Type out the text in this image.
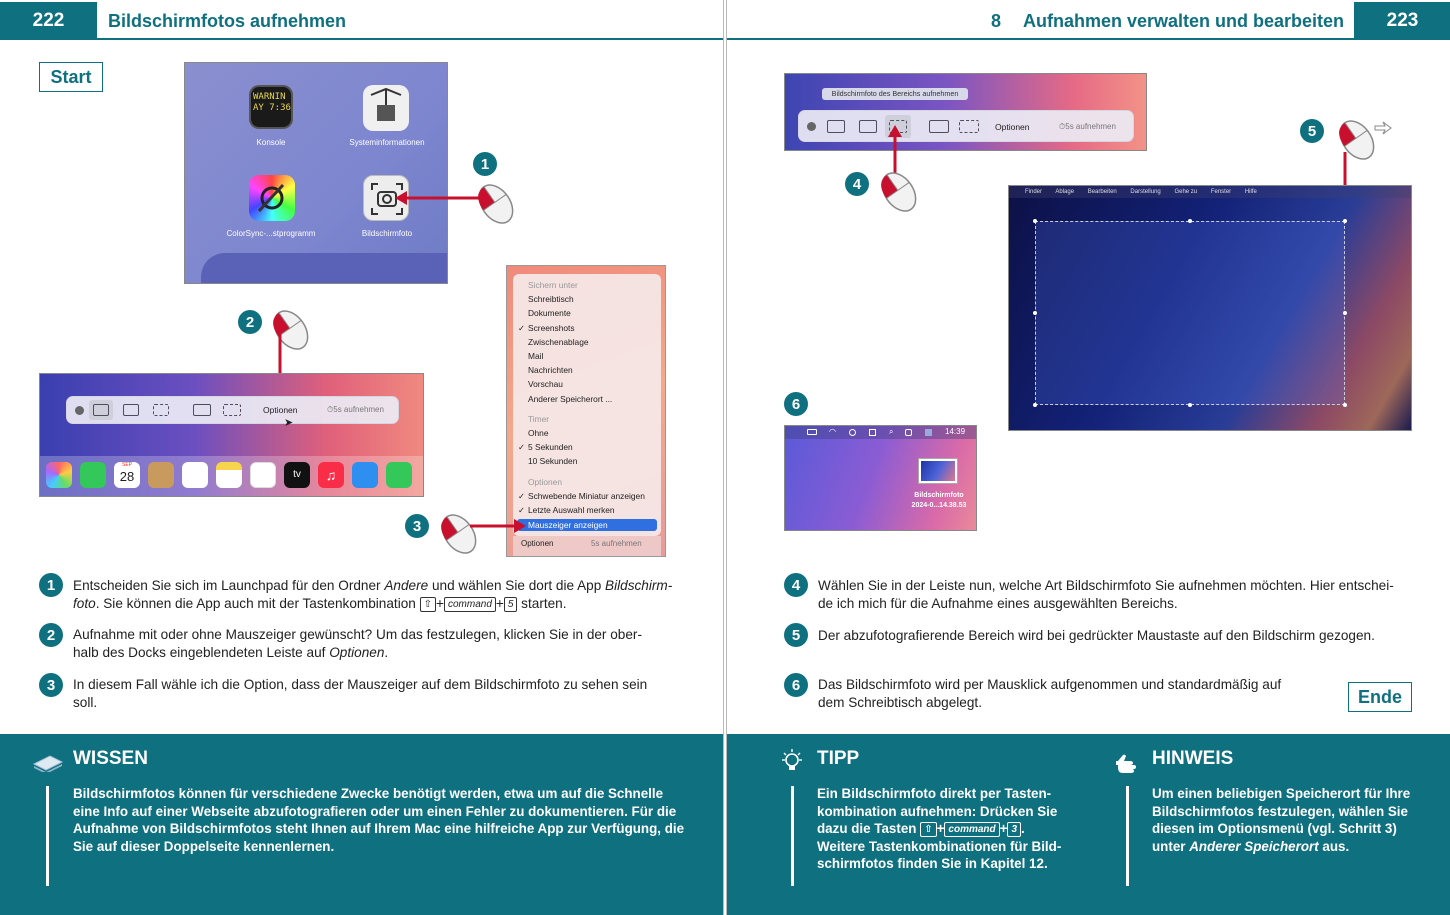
222	Bildschirmfotos aufnehmen
Start
WARNIN
AY 7:36
Konsole	Systeminformationen
ColorSync-...stprogramm	Bildschirmfoto
1
2
Optionen	⏱5s aufnehmen
➤
SEP
28	tv	♫
Optionen	5s aufnehmen
Sichern unter
Schreibtisch
Dokumente
✓ Screenshots
Zwischenablage
Mail
Nachrichten
Vorschau
Anderer Speicherort ...
Timer
Ohne
✓ 5 Sekunden
10 Sekunden
Optionen
✓ Schwebende Miniatur anzeigen
✓ Letzte Auswahl merken
Mauszeiger anzeigen
3
1	Entscheiden Sie sich im Launchpad für den Ordner Andere und wählen Sie dort die App Bildschirm-
foto. Sie können die App auch mit der Tastenkombination ⇧ + command + 5 starten.
2	Aufnahme mit oder ohne Mauszeiger gewünscht? Um das festzulegen, klicken Sie in der ober-
halb des Docks eingeblendeten Leiste auf Optionen.
3	In diesem Fall wähle ich die Option, dass der Mauszeiger auf dem Bildschirmfoto zu sehen sein
soll.
WISSEN
Bildschirmfotos können für verschiedene Zwecke benötigt werden, etwa um auf die Schnelle
eine Info auf einer Webseite abzufotografieren oder um einen Fehler zu dokumentieren. Für die
Aufnahme von Bildschirmfotos steht Ihnen auf Ihrem Mac eine hilfreiche App zur Verfügung, die
Sie auf dieser Doppelseite kennenlernen.
8 Aufnahmen verwalten und bearbeiten	223
Bildschirmfoto des Bereichs aufnehmen
Optionen	⏱5s aufnehmen
4
5
Finder Ablage Bearbeiten Darstellung Gehe zu Fenster Hilfe
6
◠	⌕	14:39
Bildschirmfoto
2024-0...14.38.53
4	Wählen Sie in der Leiste nun, welche Art Bildschirmfoto Sie aufnehmen möchten. Hier entschei-
de ich mich für die Aufnahme eines ausgewählten Bereichs.
5	Der abzufotografierende Bereich wird bei gedrückter Maustaste auf den Bildschirm gezogen.
6	Das Bildschirmfoto wird per Mausklick aufgenommen und standardmäßig auf
dem Schreibtisch abgelegt.	Ende
TIPP
Ein Bildschirmfoto direkt per Tasten-
kombination aufnehmen: Drücken Sie
dazu die Tasten ⇧ + command + 3 .
Weitere Tastenkombinationen für Bild-
schirmfotos finden Sie in Kapitel 12.
HINWEIS
Um einen beliebigen Speicherort für Ihre
Bildschirmfotos festzulegen, wählen Sie
diesen im Optionsmenü (vgl. Schritt 3)
unter Anderer Speicherort aus.
